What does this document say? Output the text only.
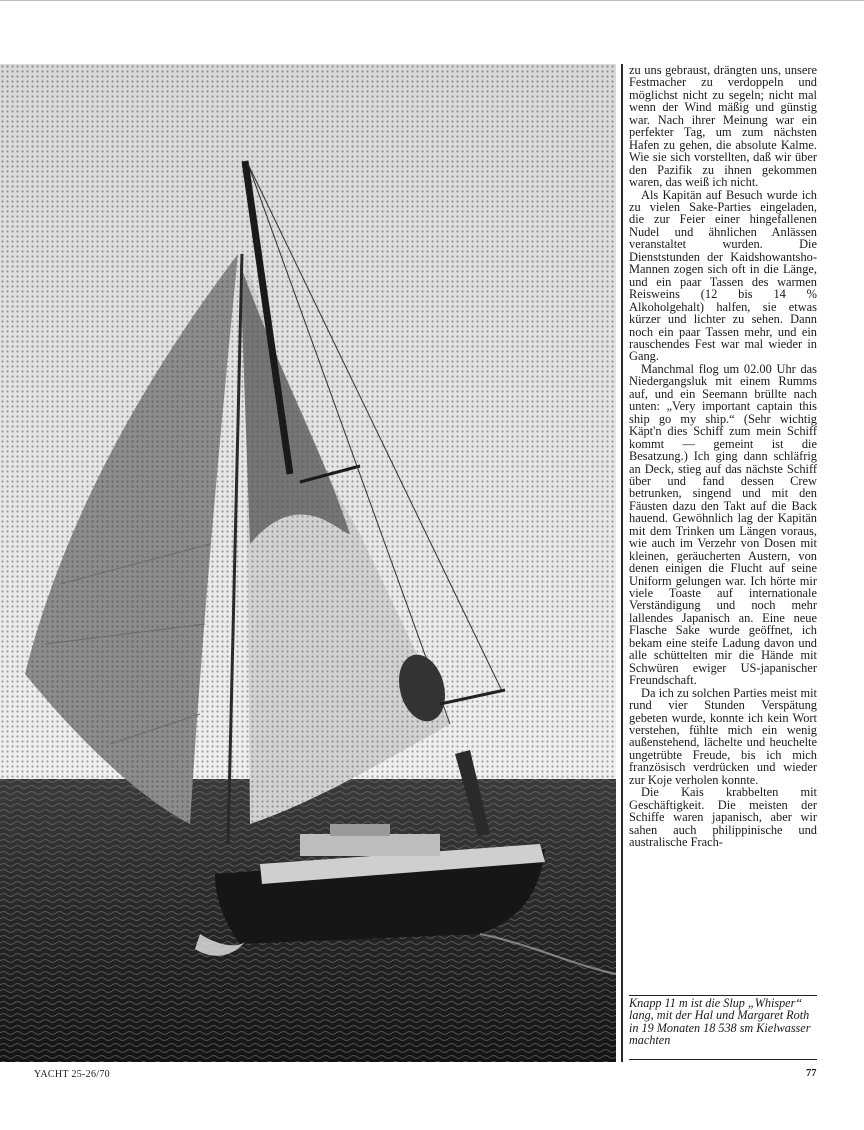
zu uns gebraust, drängten uns, unsere Festmacher zu verdoppeln und möglichst nicht zu segeln; nicht mal wenn der Wind mäßig und günstig war. Nach ihrer Meinung war ein perfekter Tag, um zum nächsten Hafen zu gehen, die absolute Kalme. Wie sie sich vorstellten, daß wir über den Pazifik zu ihnen gekommen waren, das weiß ich nicht.

Als Kapitän auf Besuch wurde ich zu vielen Sake-Parties eingeladen, die zur Feier einer hingefallenen Nudel und ähnlichen Anlässen veranstaltet wurden. Die Dienststunden der Kaidshowantsho-Mannen zogen sich oft in die Länge, und ein paar Tassen des warmen Reisweins (12 bis 14 % Alkoholgehalt) halfen, sie etwas kürzer und lichter zu sehen. Dann noch ein paar Tassen mehr, und ein rauschendes Fest war mal wieder in Gang.

Manchmal flog um 02.00 Uhr das Niedergangsluk mit einem Rumms auf, und ein Seemann brüllte nach unten: „Very important captain this ship go my ship.“ (Sehr wichtig Käpt'n dies Schiff zum mein Schiff kommt — gemeint ist die Besatzung.) Ich ging dann schläfrig an Deck, stieg auf das nächste Schiff über und fand dessen Crew betrunken, singend und mit den Fäusten dazu den Takt auf die Back hauend. Gewöhnlich lag der Kapitän mit dem Trinken um Längen voraus, wie auch im Verzehr von Dosen mit kleinen, geräucherten Austern, von denen einigen die Flucht auf seine Uniform gelungen war. Ich hörte mir viele Toaste auf internationale Verständigung und noch mehr lallendes Japanisch an. Eine neue Flasche Sake wurde geöffnet, ich bekam eine steife Ladung davon und alle schüttelten mir die Hände mit Schwüren ewiger US-japanischer Freundschaft.

Da ich zu solchen Parties meist mit rund vier Stunden Verspätung gebeten wurde, konnte ich kein Wort verstehen, fühlte mich ein wenig außenstehend, lächelte und heuchelte ungetrübte Freude, bis ich mich französisch verdrücken und wieder zur Koje verholen konnte.

Die Kais krabbelten mit Geschäftigkeit. Die meisten der Schiffe waren japanisch, aber wir sahen auch philippinische und australische Frach-

Knapp 11 m ist die Slup „Whisper“ lang, mit der Hal und Margaret Roth in 19 Monaten 18 538 sm Kielwasser machten
YACHT 25-26/70	77
